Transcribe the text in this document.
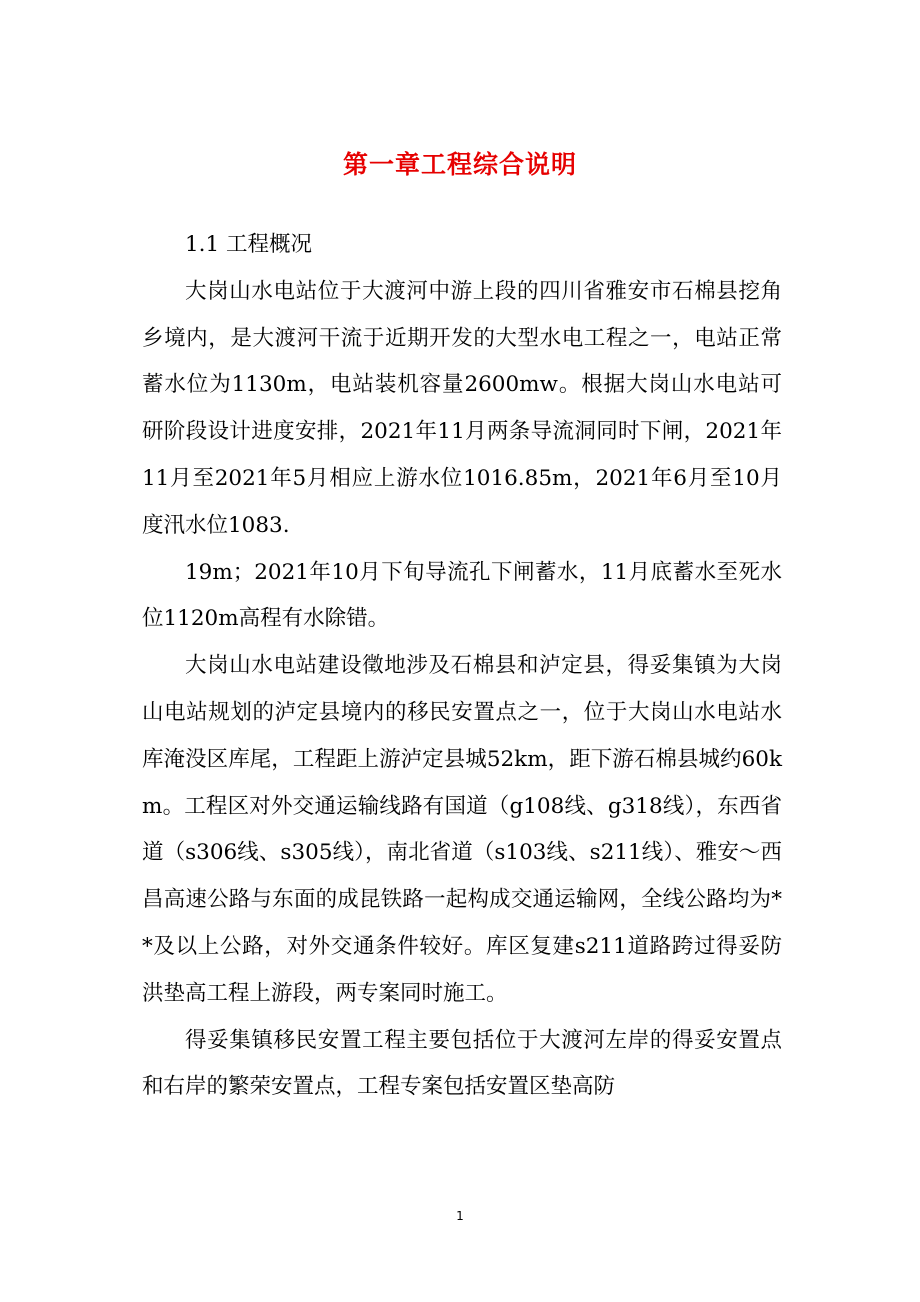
第一章工程综合说明

1.1 工程概况

大岗山水电站位于大渡河中游上段的四川省雅安市石棉县挖角乡境内，是大渡河干流于近期开发的大型水电工程之一，电站正常蓄水位为1130m，电站装机容量2600mw。根据大岗山水电站可研阶段设计进度安排，2021年11月两条导流洞同时下闸，2021年11月至2021年5月相应上游水位1016.85m，2021年6月至10月度汛水位1083.

19m；2021年10月下旬导流孔下闸蓄水，11月底蓄水至死水位1120m高程有水除错。

大岗山水电站建设徵地涉及石棉县和泸定县，得妥集镇为大岗山电站规划的泸定县境内的移民安置点之一，位于大岗山水电站水库淹没区库尾，工程距上游泸定县城52km，距下游石棉县城约60km。工程区对外交通运输线路有国道（g108线、g318线），东西省道（s306线、s305线），南北省道（s103线、s211线）、雅安～西昌高速公路与东面的成昆铁路一起构成交通运输网，全线公路均为**及以上公路，对外交通条件较好。库区复建s211道路跨过得妥防洪垫高工程上游段，两专案同时施工。

得妥集镇移民安置工程主要包括位于大渡河左岸的得妥安置点和右岸的繁荣安置点，工程专案包括安置区垫高防

1
